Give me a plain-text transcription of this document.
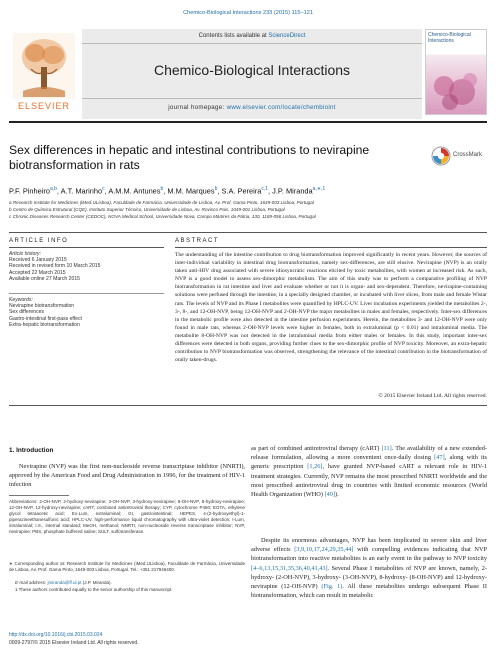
Chemico-Biological Interactions 233 (2015) 115–121
ELSEVIER
Contents lists available at ScienceDirect
Chemico-Biological Interactions
journal homepage: www.elsevier.com/locate/chembioint
Chemico-Biological Interactions
Sex differences in hepatic and intestinal contributions to nevirapine biotransformation in rats
CrossMark
P.F. Pinheiro$^{a,b}$, A.T. Marinho$^c$, A.M.M. Antunes$^b$, M.M. Marques$^b$, S.A. Pereira$^{c,1}$, J.P. Miranda$^{a,∗,1}$
a Research Institute for Medicines (iMed.ULisboa), Faculdade de Farmácia, Universidade de Lisboa, Av. Prof. Gama Pinto, 1649-003 Lisboa, Portugal
b Centro de Química Estrutural (CQE), Instituto Superior Técnico, Universidade de Lisboa, Av. Rovisco Pais, 1049-001 Lisboa, Portugal
c Chronic Diseases Research Center (CEDOC), NOVA Medical School, Universidade Nova, Campo Mártires da Pátria, 130, 1169-056 Lisboa, Portugal
ARTICLE INFO	ABSTRACT
Article history:
Received 6 January 2015
Received in revised form 10 March 2015
Accepted 22 March 2015
Available online 27 March 2015
Keywords:
Nevirapine biotransformation
Sex differences
Gastro-intestinal first-pass effect
Extra-hepatic biotransformation
The understanding of the intestine contribution to drug biotransformation improved significantly in recent years. However, the sources of inter-individual variability in intestinal drug biotransformation, namely sex-differences, are still elusive. Nevirapine (NVP) is an orally taken anti-HIV drug associated with severe idiosyncratic reactions elicited by toxic metabolites, with women at increased risk. As such, NVP is a good model to assess sex-dimorphic metabolism. The aim of this study was to perform a comparative profiling of NVP biotransformation in rat intestine and liver and evaluate whether or not it is organ- and sex-dependent. Therefore, nevirapine-containing solutions were perfused through the intestine, in a specially designed chamber, or incubated with liver slices, from male and female Wistar rats. The levels of NVP and its Phase I metabolites were quantified by HPLC-UV. Liver incubation experiments yielded the metabolites 2-, 3-, 8-, and 12-OH-NVP, being 12-OH-NVP and 2-OH-NVP the major metabolites in males and females, respectively. Inter-sex differences in the metabolic profile were also detected in the intestine perfusion experiments. Herein, the metabolites 3- and 12-OH-NVP were only found in male rats, whereas 2-OH-NVP levels were higher in females, both in extraluminal (p < 0.01) and intraluminal media. The metabolite 8-OH-NVP was not detected in the intraluminal media from either males or females. In this study, important inter-sex differences were detected in both organs, providing further clues to the sex-dimorphic profile of NVP toxicity. Moreover, an extra-hepatic contribution to NVP biotransformation was observed, strengthening the relevance of the intestinal contribution in the biotransformation of orally taken-drugs.
© 2015 Elsevier Ireland Ltd. All rights reserved.
1. Introduction
Nevirapine (NVP) was the first non-nucleoside reverse transcriptase inhibitor (NNRTI), approved by the American Food and Drug Administration in 1996, for the treatment of HIV-1 infection
Abbreviations: 2-OH-NVP, 2-hydroxy-nevirapine; 3-OH-NVP, 3-hydroxy-nevirapine; 8-OH-NVP, 8-hydroxy-nevirapine; 12-OH-NVP, 12-hydroxy-nevirapine; cART, combined antiretroviral therapy; CYP, cytochrome P450; EGTA, ethylene glycol tetraacetic acid; Ex-Lum, extraluminal; GI, gastrointestinal; HEPES, 4-(2-hydroxyethyl)-1-piperazineethanesulfonic acid; HPLC-UV, high-performance liquid chromatography with ultra-violet detection; I-Lum, intraluminal; I.S., internal standard; MeOH, methanol; NNRTI, non-nucleoside reverse transcriptase inhibitor; NVP, nevirapine; PBS, phosphate buffered saline; SULT, sulfotransferase.
∗ Corresponding author at: Research Institute for Medicines (iMed.ULisboa), Faculdade de Farmácia, Universidade de Lisboa, Av. Prof. Gama Pinto, 1649-003 Lisboa, Portugal. Tel.: +351 217946400.
E-mail address: jmiranda@ff.ul.pt (J.P. Miranda).
1 These authors contributed equally to the senior authorship of this manuscript.
as part of combined antiretroviral therapy (cART) [11]. The availability of a new extended-release formulation, allowing a more convenient once-daily dosing [47], along with its generic prescription [1,26], have granted NVP-based cART a relevant role in HIV-1 treatment strategies. Currently, NVP remains the most prescribed NNRTI worldwide and the most prescribed antiretroviral drug in countries with limited economic resources (World Health Organization (WHO) [49]).
Despite its enormous advantages, NVP has been implicated in severe skin and liver adverse effects [3,9,10,17,24,29,35,44] with compelling evidences indicating that NVP biotransformation into reactive metabolites is an early event in the pathway to NVP toxicity [4–6,13,15,31,35,36,40,41,43]. Several Phase I metabolites of NVP are known, namely, 2-hydroxy- (2-OH-NVP), 3-hydroxy- (3-OH-NVP), 8-hydroxy- (8-OH-NVP) and 12-hydroxy-nevirapine (12-OH-NVP) (Fig. 1). All these metabolites undergo subsequent Phase II biotransformation, which can result in metabolic
http://dx.doi.org/10.1016/j.cbi.2015.03.024
0009-2797/© 2015 Elsevier Ireland Ltd. All rights reserved.
